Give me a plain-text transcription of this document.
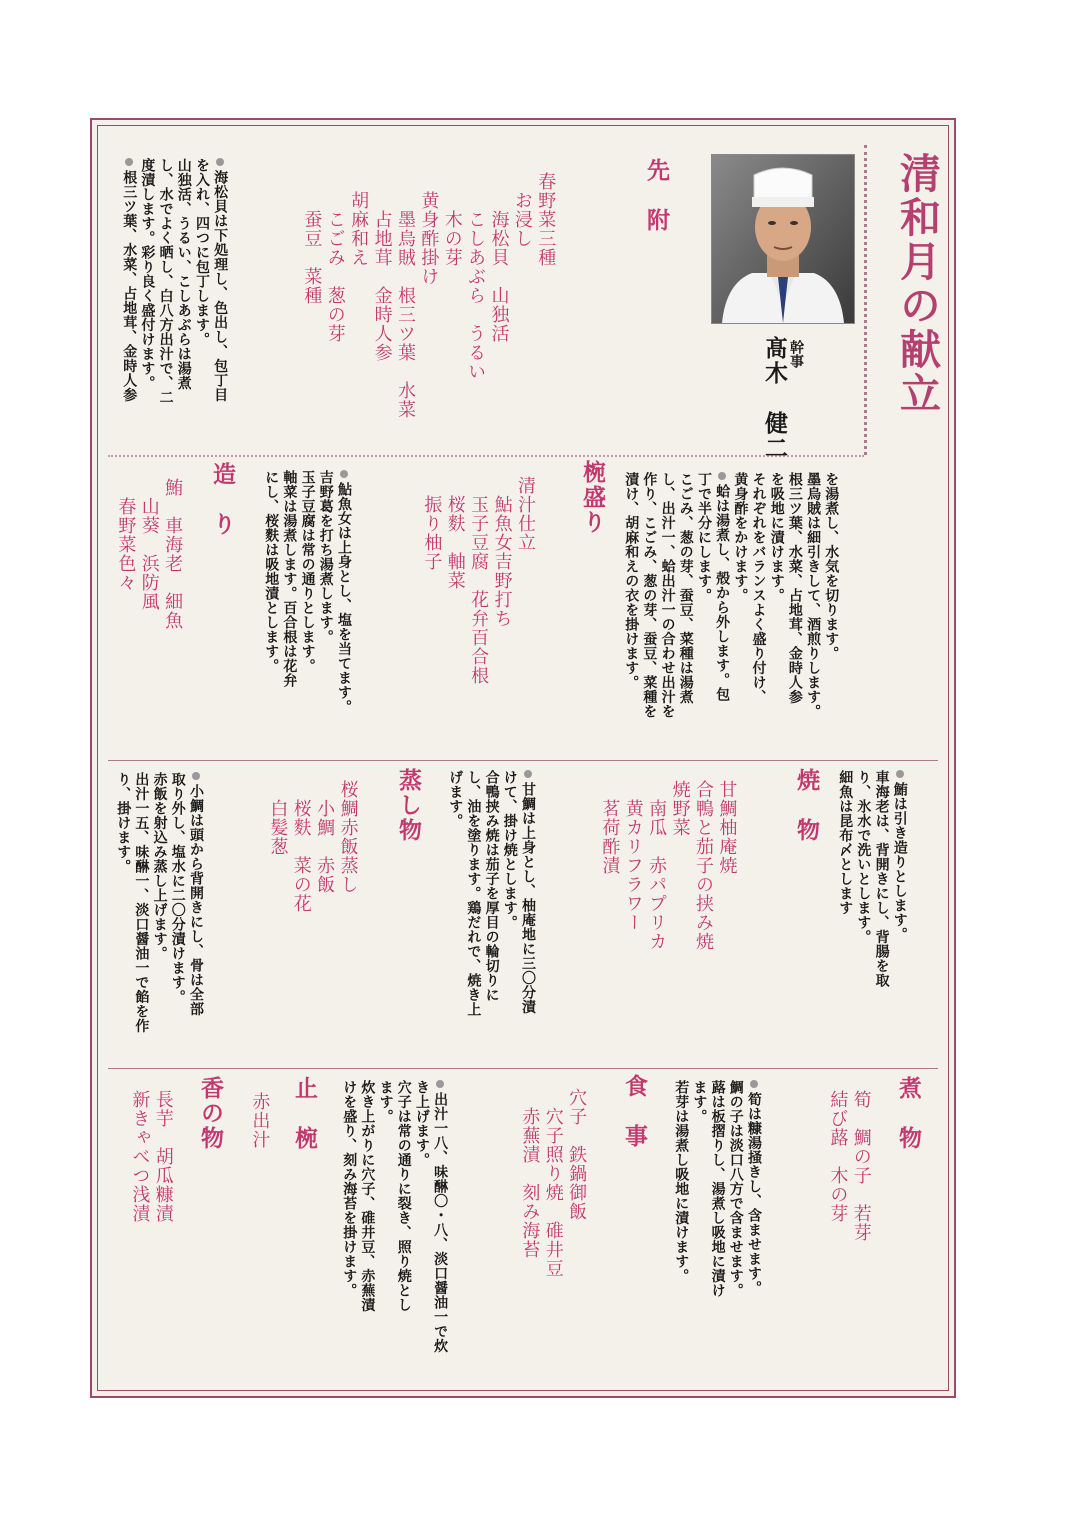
清和月の献立
幹事
髙木　健二
先　附
春野菜三種
　お浸し
　　海松貝　山独活
　　こしあぶら　うるい
　　木の芽
　黄身酢掛け
　　墨烏賊　根三ツ葉　水菜
　　占地茸　金時人参
　胡麻和え
　　こごみ　葱の芽
　　蚕豆　菜種
海松貝は下処理し、色出し、包丁目
を入れ、四つに包丁します。
山独活、うるい、こしあぶらは湯煮
し、水でよく晒し、白八方出汁で、二
度漬します。彩り良く盛付けます。
根三ツ葉、水菜、占地茸、金時人参
を湯煮し、水気を切ります。
墨烏賊は細引きして、酒煎りします。
根三ツ葉、水菜、占地茸、金時人参
を吸地に漬けます。
それぞれをバランスよく盛り付け、
黄身酢をかけます。
蛤は湯煮し、殻から外します。包
丁で半分にします。
こごみ、葱の芽、蚕豆、菜種は湯煮
し、出汁一、蛤出汁一の合わせ出汁を
作り、こごみ、葱の芽、蚕豆、菜種を
漬け、胡麻和えの衣を掛けます。
椀盛り
清汁仕立
　鮎魚女吉野打ち
　玉子豆腐　花弁百合根
　桜麩　軸菜
　振り柚子
鮎魚女は上身とし、塩を当てます。
吉野葛を打ち湯煮します。
玉子豆腐は常の通りとします。
軸菜は湯煮します。百合根は花弁
にし、桜麩は吸地漬とします。
造　り
鮪　車海老　細魚
　山葵　浜防風
　春野菜色々
鮪は引き造りとします。
車海老は、背開きにし、背腸を取
り、氷水で洗いとします。
細魚は昆布〆とします
焼　物
甘鯛柚庵焼
合鴨と茄子の挟み焼
焼野菜
　南瓜　赤パプリカ
　黄カリフラワー
　茗荷酢漬
甘鯛は上身とし、柚庵地に三〇分漬
けて、掛け焼とします。
合鴨挟み焼は茄子を厚目の輪切りに
し、油を塗ります。鶏だれで、焼き上
げます。
蒸し物
桜鯛赤飯蒸し
　小鯛　赤飯
　桜麩　菜の花
　白髪葱
小鯛は頭から背開きにし、骨は全部
取り外し、塩水に二〇分漬けます。
赤飯を射込み蒸し上げます。
出汁一五、味醂一、淡口醤油一で餡を作
り、掛けます。
煮　物
筍　鯛の子　若芽
結び蕗　木の芽
筍は糠湯掻きし、含ませます。
鯛の子は淡口八方で含ませます。
蕗は板摺りし、湯煮し吸地に漬け
ます。
若芽は湯煮し吸地に漬けます。
食　事
穴子　鉄鍋御飯
　穴子照り焼　碓井豆
　赤蕪漬　刻み海苔
出汁一八、味醂〇・八、淡口醤油一で炊
き上げます。
穴子は常の通りに裂き、照り焼とし
ます。
炊き上がりに穴子、碓井豆、赤蕪漬
けを盛り、刻み海苔を掛けます。
止　椀
赤出汁
香の物
長芋　胡瓜糠漬
新きゃべつ浅漬
